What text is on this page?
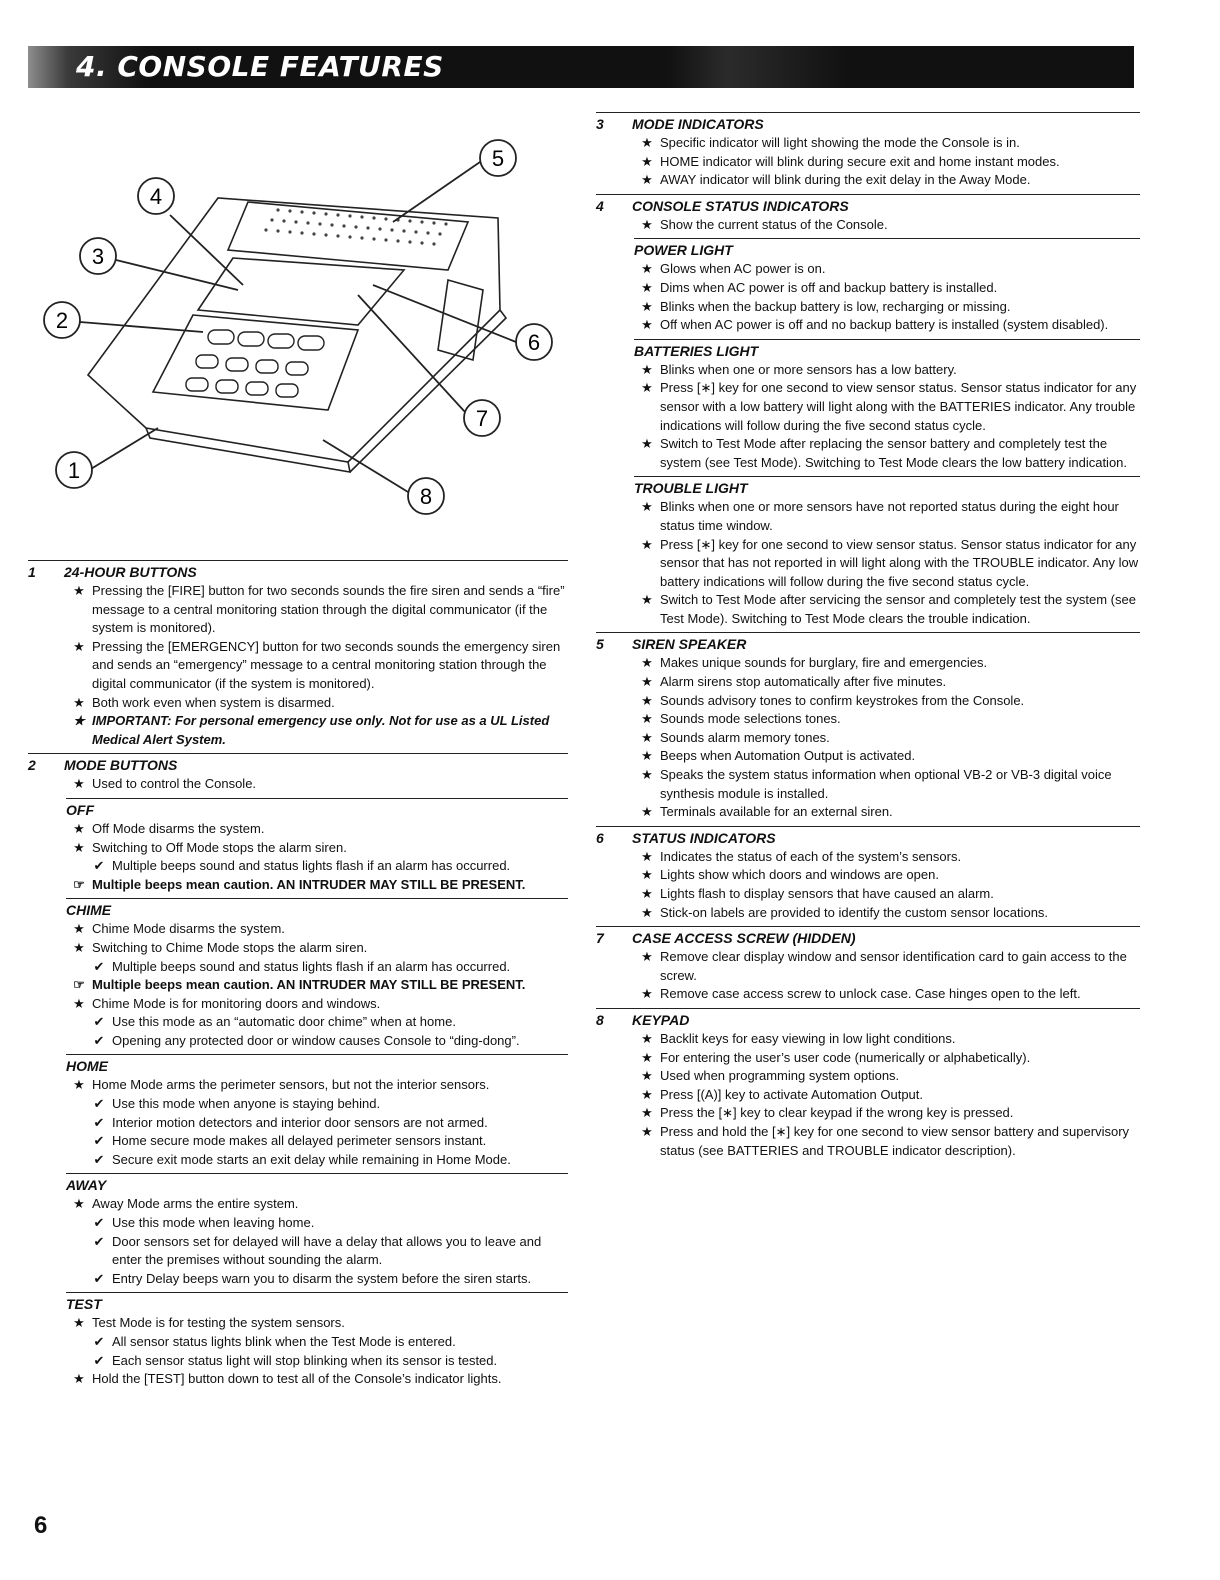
4. CONSOLE FEATURES
1
2
3
4
5
6
7
8
1	24-HOUR BUTTONS
★ Pressing the [FIRE] button for two seconds sounds the fire siren and sends a “fire” message to a central monitoring station through the digital communicator (if the system is monitored).
★ Pressing the [EMERGENCY] button for two seconds sounds the emergency siren and sends an “emergency” message to a central monitoring station through the digital communicator (if the system is monitored).
★ Both work even when system is disarmed.
★ IMPORTANT: For personal emergency use only. Not for use as a UL Listed Medical Alert System.
2	MODE BUTTONS
★ Used to control the Console.
OFF
★ Off Mode disarms the system.
★ Switching to Off Mode stops the alarm siren.
✔ Multiple beeps sound and status lights flash if an alarm has occurred.
☞ Multiple beeps mean caution. AN INTRUDER MAY STILL BE PRESENT.
CHIME
★ Chime Mode disarms the system.
★ Switching to Chime Mode stops the alarm siren.
✔ Multiple beeps sound and status lights flash if an alarm has occurred.
☞ Multiple beeps mean caution. AN INTRUDER MAY STILL BE PRESENT.
★ Chime Mode is for monitoring doors and windows.
✔ Use this mode as an “automatic door chime” when at home.
✔ Opening any protected door or window causes Console to “ding-dong”.
HOME
★ Home Mode arms the perimeter sensors, but not the interior sensors.
✔ Use this mode when anyone is staying behind.
✔ Interior motion detectors and interior door sensors are not armed.
✔ Home secure mode makes all delayed perimeter sensors instant.
✔ Secure exit mode starts an exit delay while remaining in Home Mode.
AWAY
★ Away Mode arms the entire system.
✔ Use this mode when leaving home.
✔ Door sensors set for delayed will have a delay that allows you to leave and enter the premises without sounding the alarm.
✔ Entry Delay beeps warn you to disarm the system before the siren starts.
TEST
★ Test Mode is for testing the system sensors.
✔ All sensor status lights blink when the Test Mode is entered.
✔ Each sensor status light will stop blinking when its sensor is tested.
★ Hold the [TEST] button down to test all of the Console’s indicator lights.
3	MODE INDICATORS
★ Specific indicator will light showing the mode the Console is in.
★ HOME indicator will blink during secure exit and home instant modes.
★ AWAY indicator will blink during the exit delay in the Away Mode.
4	CONSOLE STATUS INDICATORS
★ Show the current status of the Console.
POWER LIGHT
★ Glows when AC power is on.
★ Dims when AC power is off and backup battery is installed.
★ Blinks when the backup battery is low, recharging or missing.
★ Off when AC power is off and no backup battery is installed (system disabled).
BATTERIES LIGHT
★ Blinks when one or more sensors has a low battery.
★ Press [∗] key for one second to view sensor status. Sensor status indicator for any sensor with a low battery will light along with the BATTERIES indicator. Any trouble indications will follow during the five second status cycle.
★ Switch to Test Mode after replacing the sensor battery and completely test the system (see Test Mode). Switching to Test Mode clears the low battery indication.
TROUBLE LIGHT
★ Blinks when one or more sensors have not reported status during the eight hour status time window.
★ Press [∗] key for one second to view sensor status. Sensor status indicator for any sensor that has not reported in will light along with the TROUBLE indicator. Any low battery indications will follow during the five second status cycle.
★ Switch to Test Mode after servicing the sensor and completely test the system (see Test Mode). Switching to Test Mode clears the trouble indication.
5	SIREN SPEAKER
★ Makes unique sounds for burglary, fire and emergencies.
★ Alarm sirens stop automatically after five minutes.
★ Sounds advisory tones to confirm keystrokes from the Console.
★ Sounds mode selections tones.
★ Sounds alarm memory tones.
★ Beeps when Automation Output is activated.
★ Speaks the system status information when optional VB-2 or VB-3 digital voice synthesis module is installed.
★ Terminals available for an external siren.
6	STATUS INDICATORS
★ Indicates the status of each of the system’s sensors.
★ Lights show which doors and windows are open.
★ Lights flash to display sensors that have caused an alarm.
★ Stick-on labels are provided to identify the custom sensor locations.
7	CASE ACCESS SCREW (HIDDEN)
★ Remove clear display window and sensor identification card to gain access to the screw.
★ Remove case access screw to unlock case. Case hinges open to the left.
8	KEYPAD
★ Backlit keys for easy viewing in low light conditions.
★ For entering the user’s user code (numerically or alphabetically).
★ Used when programming system options.
★ Press [(A)] key to activate Automation Output.
★ Press the [∗] key to clear keypad if the wrong key is pressed.
★ Press and hold the [∗] key for one second to view sensor battery and supervisory status (see BATTERIES and TROUBLE indicator description).
6
